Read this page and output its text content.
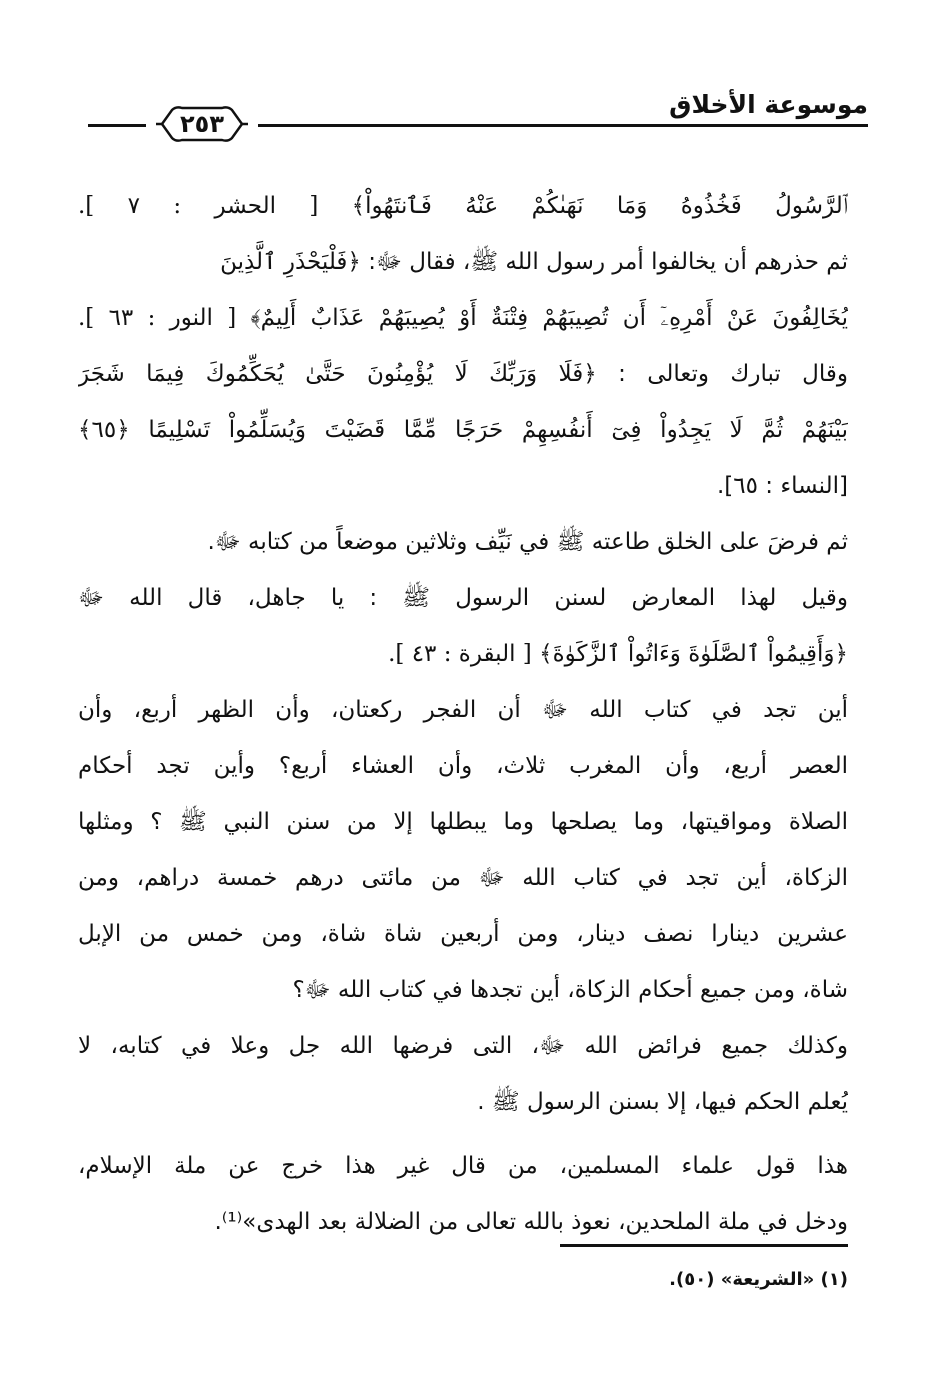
موسوعة الأخلاق
٢٥٣
ﭐلرَّسُولُ فَخُذُوهُ وَمَا نَهَىٰكُمْ عَنْهُ فَٱنتَهُواْ﴾ [ الحشر : ٧ ].
ثم حذرهم أن يخالفوا أمر رسول الله ﷺ، فقال ﷻ: ﴿فَلْيَحْذَرِ ٱلَّذِينَ
يُخَالِفُونَ عَنْ أَمْرِهِۦٓ أَن تُصِيبَهُمْ فِتْنَةٌ أَوْ يُصِيبَهُمْ عَذَابٌ أَلِيمٌ﴾ [ النور : ٦٣ ].
وقال تبارك وتعالى : ﴿فَلَا وَرَبِّكَ لَا يُؤْمِنُونَ حَتَّىٰ يُحَكِّمُوكَ فِيمَا شَجَرَ
بَيْنَهُمْ ثُمَّ لَا يَجِدُواْ فِىٓ أَنفُسِهِمْ حَرَجًا مِّمَّا قَضَيْتَ وَيُسَلِّمُواْ تَسْلِيمًا ﴿٦٥﴾
[النساء : ٦٥].
ثم فرضَ على الخلق طاعته ﷺ في نَيِّف وثلاثين موضعاً من كتابه ﷻ.
وقيل لهذا المعارض لسنن الرسول ﷺ : يا جاهل، قال الله ﷻ
﴿وَأَقِيمُواْ ٱلصَّلَوٰةَ وَءَاتُواْ ٱلزَّكَوٰةَ﴾ [ البقرة : ٤٣ ].
أين تجد في كتاب الله ﷻ أن الفجر ركعتان، وأن الظهر أربع، وأن
العصر أربع، وأن المغرب ثلاث، وأن العشاء أربع؟ وأين تجد أحكام
الصلاة ومواقيتها، وما يصلحها وما يبطلها إلا من سنن النبي ﷺ ؟ ومثلها
الزكاة، أين تجد في كتاب الله ﷻ من مائتى درهم خمسة دراهم، ومن
عشرين دينارا نصف دينار، ومن أربعين شاة شاة، ومن خمس من الإبل
شاة، ومن جميع أحكام الزكاة، أين تجدها في كتاب الله ﷻ؟
وكذلك جميع فرائض الله ﷻ، التى فرضها الله جل وعلا في كتابه، لا
يُعلم الحكم فيها، إلا بسنن الرسول ﷺ .
هذا قول علماء المسلمين، من قال غير هذا خرج عن ملة الإسلام،
ودخل في ملة الملحدين، نعوذ بالله تعالى من الضلالة بعد الهدى»⁽¹⁾.
(١) «الشريعة» (٥٠).
